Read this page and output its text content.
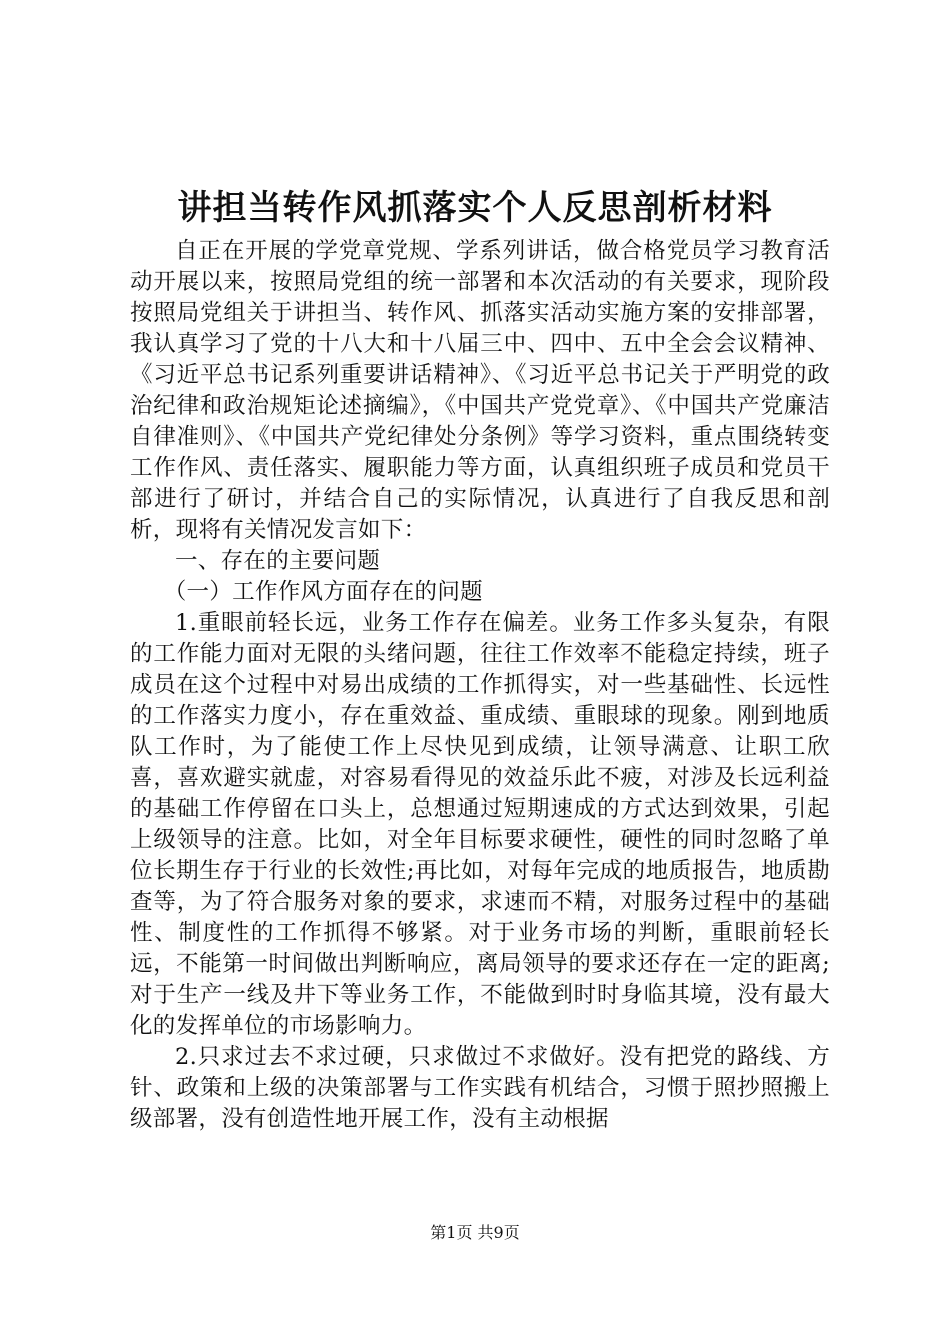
讲担当转作风抓落实个人反思剖析材料

自正在开展的学党章党规、学系列讲话，做合格党员学习教育活动开展以来，按照局党组的统一部署和本次活动的有关要求，现阶段按照局党组关于讲担当、转作风、抓落实活动实施方案的安排部署，我认真学习了党的十八大和十八届三中、四中、五中全会会议精神、《习近平总书记系列重要讲话精神》、《习近平总书记关于严明党的政治纪律和政治规矩论述摘编》，《中国共产党党章》、《中国共产党廉洁自律准则》、《中国共产党纪律处分条例》等学习资料，重点围绕转变工作作风、责任落实、履职能力等方面，认真组织班子成员和党员干部进行了研讨，并结合自己的实际情况，认真进行了自我反思和剖析，现将有关情况发言如下：

一、存在的主要问题

（一）工作作风方面存在的问题

1.重眼前轻长远，业务工作存在偏差。业务工作多头复杂，有限的工作能力面对无限的头绪问题，往往工作效率不能稳定持续，班子成员在这个过程中对易出成绩的工作抓得实，对一些基础性、长远性的工作落实力度小，存在重效益、重成绩、重眼球的现象。刚到地质队工作时，为了能使工作上尽快见到成绩，让领导满意、让职工欣喜，喜欢避实就虚，对容易看得见的效益乐此不疲，对涉及长远利益的基础工作停留在口头上，总想通过短期速成的方式达到效果，引起上级领导的注意。比如，对全年目标要求硬性，硬性的同时忽略了单位长期生存于行业的长效性;再比如，对每年完成的地质报告，地质勘查等，为了符合服务对象的要求，求速而不精，对服务过程中的基础性、制度性的工作抓得不够紧。对于业务市场的判断，重眼前轻长远，不能第一时间做出判断响应，离局领导的要求还存在一定的距离;对于生产一线及井下等业务工作，不能做到时时身临其境，没有最大化的发挥单位的市场影响力。

2.只求过去不求过硬，只求做过不求做好。没有把党的路线、方针、政策和上级的决策部署与工作实践有机结合，习惯于照抄照搬上级部署，没有创造性地开展工作，没有主动根据

第1页 共9页
